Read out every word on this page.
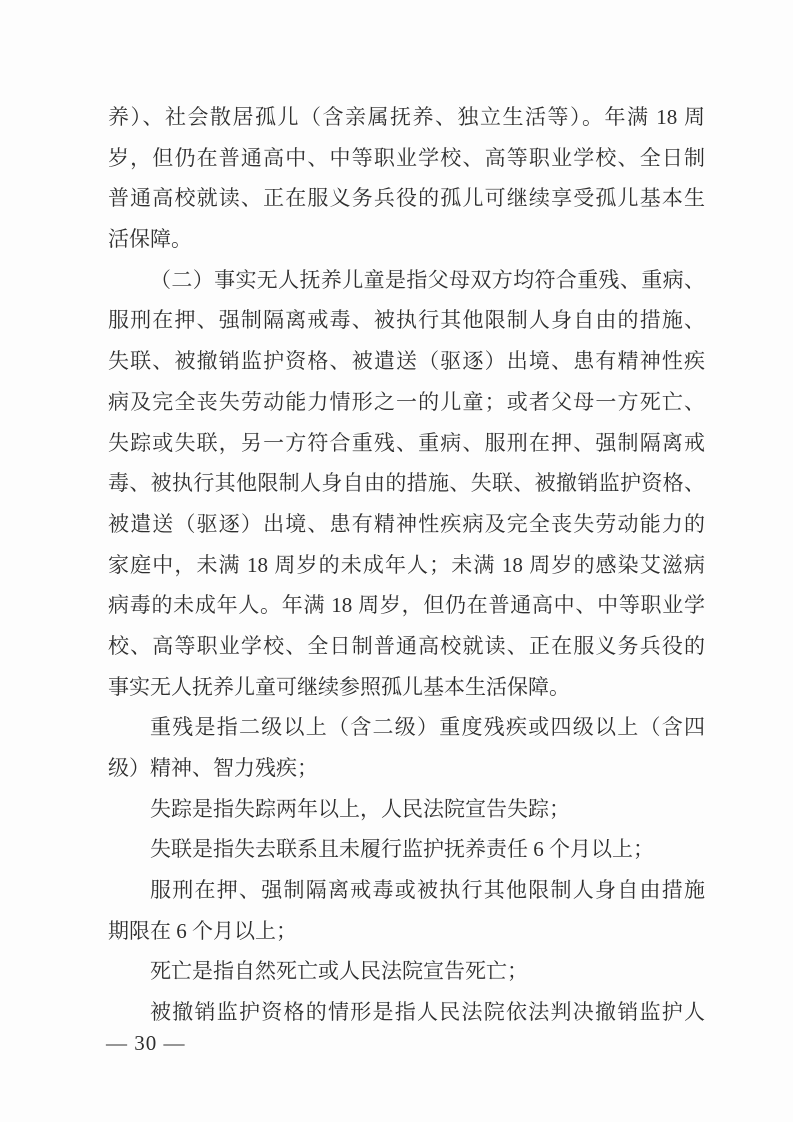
养）、社会散居孤儿（含亲属抚养、独立生活等）。年满 18 周
岁，但仍在普通高中、中等职业学校、高等职业学校、全日制
普通高校就读、正在服义务兵役的孤儿可继续享受孤儿基本生
活保障。
（二）事实无人抚养儿童是指父母双方均符合重残、重病、
服刑在押、强制隔离戒毒、被执行其他限制人身自由的措施、
失联、被撤销监护资格、被遣送（驱逐）出境、患有精神性疾
病及完全丧失劳动能力情形之一的儿童；或者父母一方死亡、
失踪或失联，另一方符合重残、重病、服刑在押、强制隔离戒
毒、被执行其他限制人身自由的措施、失联、被撤销监护资格、
被遣送（驱逐）出境、患有精神性疾病及完全丧失劳动能力的
家庭中，未满 18 周岁的未成年人；未满 18 周岁的感染艾滋病
病毒的未成年人。年满 18 周岁，但仍在普通高中、中等职业学
校、高等职业学校、全日制普通高校就读、正在服义务兵役的
事实无人抚养儿童可继续参照孤儿基本生活保障。
重残是指二级以上（含二级）重度残疾或四级以上（含四
级）精神、智力残疾；
失踪是指失踪两年以上，人民法院宣告失踪；
失联是指失去联系且未履行监护抚养责任 6 个月以上；
服刑在押、强制隔离戒毒或被执行其他限制人身自由措施
期限在 6 个月以上；
死亡是指自然死亡或人民法院宣告死亡；
被撤销监护资格的情形是指人民法院依法判决撤销监护人
— 30 —
